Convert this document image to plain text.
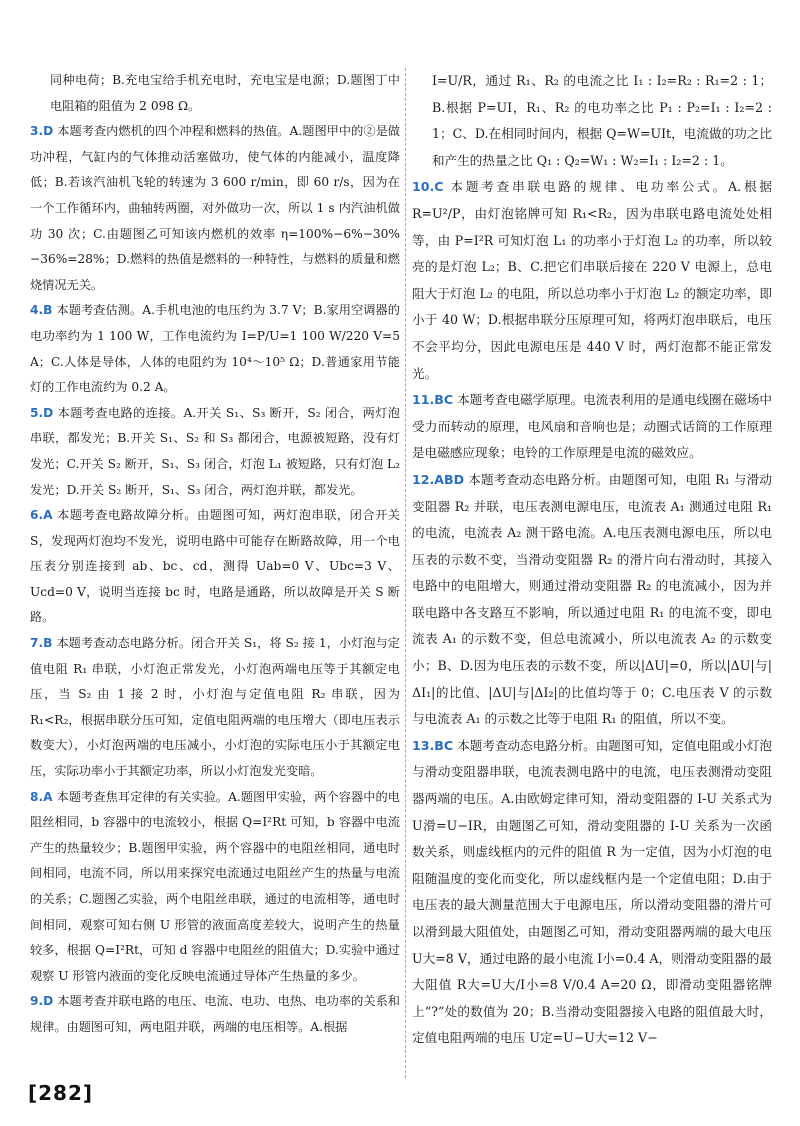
同种电荷；B.充电宝给手机充电时，充电宝是电源；D.题图丁中电阻箱的阻值为 2 098 Ω。

3.D 本题考查内燃机的四个冲程和燃料的热值。A.题图甲中的②是做功冲程，气缸内的气体推动活塞做功，使气体的内能减小，温度降低；B.若该汽油机飞轮的转速为 3 600 r/min，即 60 r/s，因为在一个工作循环内，曲轴转两圈，对外做功一次，所以 1 s 内汽油机做功 30 次；C.由题图乙可知该内燃机的效率 η=100%−6%−30%−36%=28%；D.燃料的热值是燃料的一种特性，与燃料的质量和燃烧情况无关。
4.B 本题考查估测。A.手机电池的电压约为 3.7 V；B.家用空调器的电功率约为 1 100 W，工作电流约为 I=P/U=1 100 W/220 V=5 A；C.人体是导体，人体的电阻约为 10⁴～10⁵ Ω；D.普通家用节能灯的工作电流约为 0.2 A。
5.D 本题考查电路的连接。A.开关 S₁、S₃ 断开，S₂ 闭合，两灯泡串联，都发光；B.开关 S₁、S₂ 和 S₃ 都闭合，电源被短路，没有灯发光；C.开关 S₂ 断开，S₁、S₃ 闭合，灯泡 L₁ 被短路，只有灯泡 L₂ 发光；D.开关 S₂ 断开，S₁、S₃ 闭合，两灯泡并联，都发光。
6.A 本题考查电路故障分析。由题图可知，两灯泡串联，闭合开关 S，发现两灯泡均不发光，说明电路中可能存在断路故障，用一个电压表分别连接到 ab、bc、cd，测得 Uab=0 V、Ubc=3 V、Ucd=0 V，说明当连接 bc 时，电路是通路，所以故障是开关 S 断路。
7.B 本题考查动态电路分析。闭合开关 S₁，将 S₂ 接 1，小灯泡与定值电阻 R₁ 串联，小灯泡正常发光，小灯泡两端电压等于其额定电压，当 S₂ 由 1 接 2 时，小灯泡与定值电阻 R₂ 串联，因为 R₁<R₂，根据串联分压可知，定值电阻两端的电压增大（即电压表示数变大），小灯泡两端的电压减小，小灯泡的实际电压小于其额定电压，实际功率小于其额定功率，所以小灯泡发光变暗。
8.A 本题考查焦耳定律的有关实验。A.题图甲实验，两个容器中的电阻丝相同，b 容器中的电流较小，根据 Q=I²Rt 可知，b 容器中电流产生的热量较少；B.题图甲实验，两个容器中的电阻丝相同，通电时间相同，电流不同，所以用来探究电流通过电阻丝产生的热量与电流的关系；C.题图乙实验，两个电阻丝串联，通过的电流相等，通电时间相同，观察可知右侧 U 形管的液面高度差较大，说明产生的热量较多，根据 Q=I²Rt，可知 d 容器中电阻丝的阻值大；D.实验中通过观察 U 形管内液面的变化反映电流通过导体产生热量的多少。
9.D 本题考查并联电路的电压、电流、电功、电热、电功率的关系和规律。由题图可知，两电阻并联，两端的电压相等。A.根据

I=U/R，通过 R₁、R₂ 的电流之比 I₁ : I₂=R₂ : R₁=2 : 1；B.根据 P=UI，R₁、R₂ 的电功率之比 P₁ : P₂=I₁ : I₂=2 : 1；C、D.在相同时间内，根据 Q=W=UIt，电流做的功之比和产生的热量之比 Q₁ : Q₂=W₁ : W₂=I₁ : I₂=2 : 1。

10.C 本题考查串联电路的规律、电功率公式。A.根据 R=U²/P，由灯泡铭牌可知 R₁<R₂，因为串联电路电流处处相等，由 P=I²R 可知灯泡 L₁ 的功率小于灯泡 L₂ 的功率，所以较亮的是灯泡 L₂；B、C.把它们串联后接在 220 V 电源上，总电阻大于灯泡 L₂ 的电阻，所以总功率小于灯泡 L₂ 的额定功率，即小于 40 W；D.根据串联分压原理可知，将两灯泡串联后，电压不会平均分，因此电源电压是 440 V 时，两灯泡都不能正常发光。
11.BC 本题考查电磁学原理。电流表利用的是通电线圈在磁场中受力而转动的原理，电风扇和音响也是；动圈式话筒的工作原理是电磁感应现象；电铃的工作原理是电流的磁效应。
12.ABD 本题考查动态电路分析。由题图可知，电阻 R₁ 与滑动变阻器 R₂ 并联，电压表测电源电压，电流表 A₁ 测通过电阻 R₁ 的电流，电流表 A₂ 测干路电流。A.电压表测电源电压，所以电压表的示数不变，当滑动变阻器 R₂ 的滑片向右滑动时，其接入电路中的电阻增大，则通过滑动变阻器 R₂ 的电流减小，因为并联电路中各支路互不影响，所以通过电阻 R₁ 的电流不变，即电流表 A₁ 的示数不变，但总电流减小，所以电流表 A₂ 的示数变小；B、D.因为电压表的示数不变，所以|ΔU|=0，所以|ΔU|与|ΔI₁|的比值、|ΔU|与|ΔI₂|的比值均等于 0；C.电压表 V 的示数与电流表 A₁ 的示数之比等于电阻 R₁ 的阻值，所以不变。
13.BC 本题考查动态电路分析。由题图可知，定值电阻或小灯泡与滑动变阻器串联，电流表测电路中的电流，电压表测滑动变阻器两端的电压。A.由欧姆定律可知，滑动变阻器的 I-U 关系式为 U滑=U−IR，由题图乙可知，滑动变阻器的 I-U 关系为一次函数关系，则虚线框内的元件的阻值 R 为一定值，因为小灯泡的电阻随温度的变化而变化，所以虚线框内是一个定值电阻；D.由于电压表的最大测量范围大于电源电压，所以滑动变阻器的滑片可以滑到最大阻值处，由题图乙可知，滑动变阻器两端的最大电压 U大=8 V，通过电路的最小电流 I小=0.4 A，则滑动变阻器的最大阻值 R大=U大/I小=8 V/0.4 A=20 Ω，即滑动变阻器铭牌上“?”处的数值为 20；B.当滑动变阻器接入电路的阻值最大时，定值电阻两端的电压 U定=U−U大=12 V−
[282]
